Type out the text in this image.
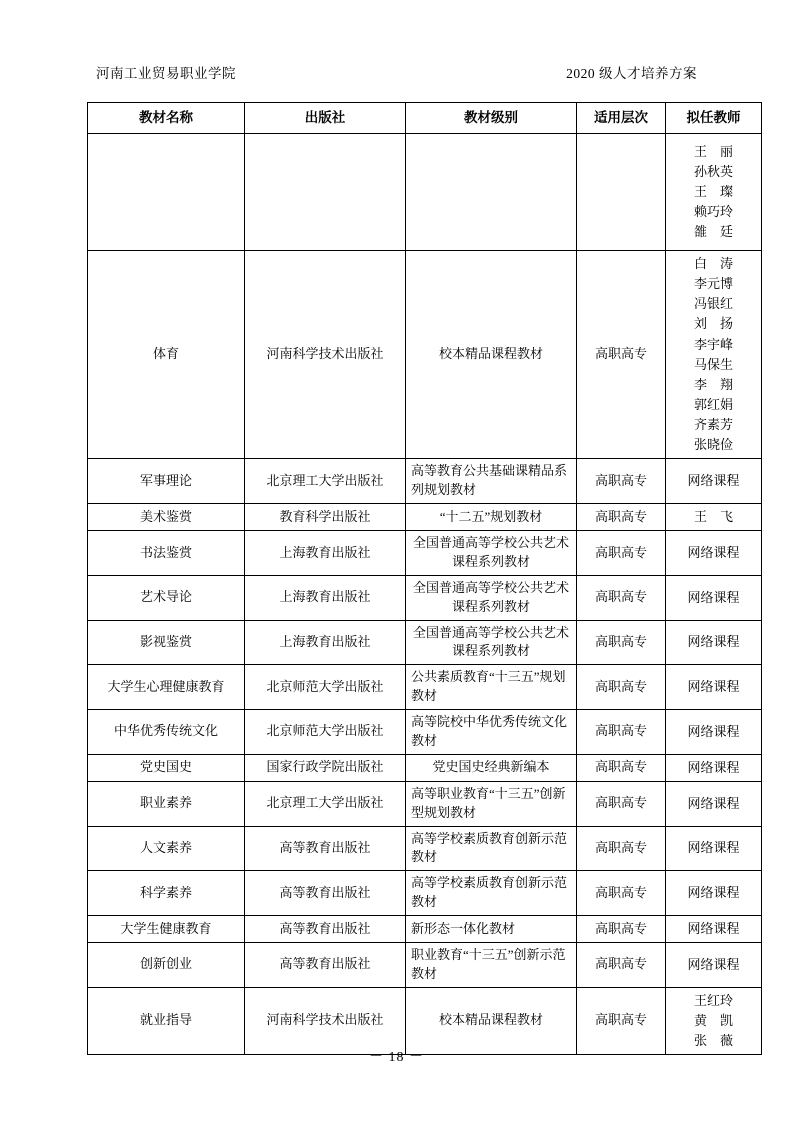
河南工业贸易职业学院	2020 级人才培养方案
教材名称	出版社	教材级别	适用层次	拟任教师

				王　丽
孙秋英
王　璨
赖巧玲
雒　廷

体育	河南科学技术出版社	校本精品课程教材	高职高专	
白　涛
李元博
冯银红
刘　扬
李宇峰
马保生
李　翔
郭红娟
齐素芳
张晓俭

军事理论	北京理工大学出版社	高等教育公共基础课精品系列规划教材	高职高专	网络课程

美术鉴赏	教育科学出版社	“十二五”规划教材	高职高专	王　飞

书法鉴赏	上海教育出版社	全国普通高等学校公共艺术课程系列教材	高职高专	网络课程

艺术导论	上海教育出版社	全国普通高等学校公共艺术课程系列教材	高职高专	网络课程

影视鉴赏	上海教育出版社	全国普通高等学校公共艺术课程系列教材	高职高专	网络课程

大学生心理健康教育	北京师范大学出版社	公共素质教育“十三五”规划教材	高职高专	网络课程

中华优秀传统文化	北京师范大学出版社	高等院校中华优秀传统文化教材	高职高专	网络课程

党史国史	国家行政学院出版社	党史国史经典新编本	高职高专	网络课程

职业素养	北京理工大学出版社	高等职业教育“十三五”创新型规划教材	高职高专	网络课程

人文素养	高等教育出版社	高等学校素质教育创新示范教材	高职高专	网络课程

科学素养	高等教育出版社	高等学校素质教育创新示范教材	高职高专	网络课程

大学生健康教育	高等教育出版社	新形态一体化教材	高职高专	网络课程

创新创业	高等教育出版社	职业教育“十三五”创新示范教材	高职高专	网络课程

就业指导	河南科学技术出版社	校本精品课程教材	高职高专	王红玲
黄　凯
张　薇
－ 18 －
